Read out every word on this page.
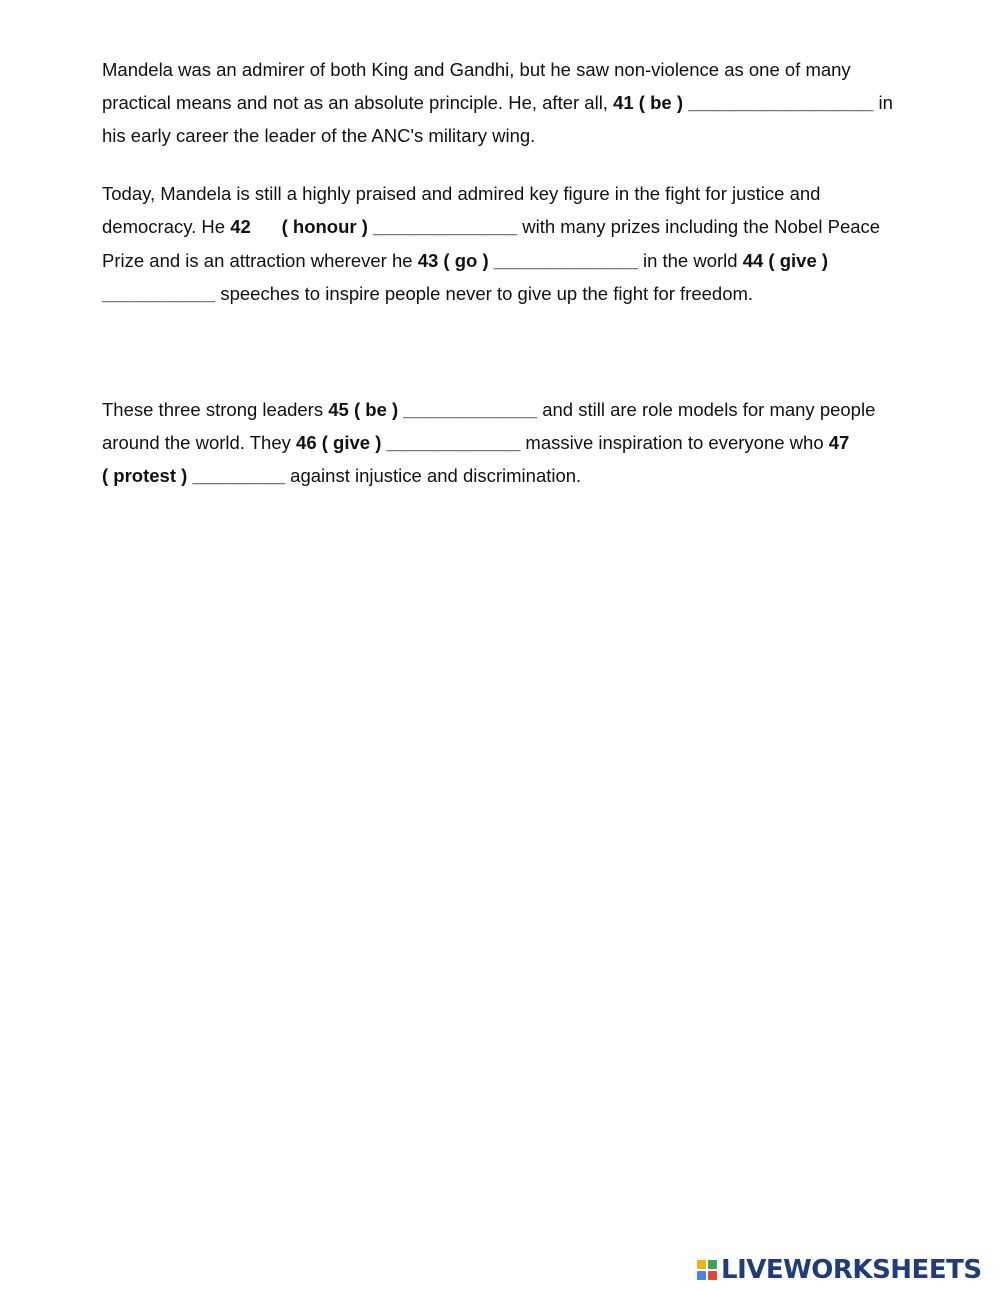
Mandela was an admirer of both King and Gandhi, but he saw non-violence as one of many
practical means and not as an absolute principle. He, after all, 41 ( be ) __________________ in
his early career the leader of the ANC's military wing.
Today, Mandela is still a highly praised and admired key figure in the fight for justice and
democracy. He 42      ( honour ) ______________ with many prizes including the Nobel Peace
Prize and is an attraction wherever he 43 ( go ) ______________ in the world 44 ( give )
___________ speeches to inspire people never to give up the fight for freedom.
These three strong leaders 45 ( be ) _____________ and still are role models for many people
around the world. They 46 ( give ) _____________ massive inspiration to everyone who 47
( protest ) _________ against injustice and discrimination.
LIVEWORKSHEETS
